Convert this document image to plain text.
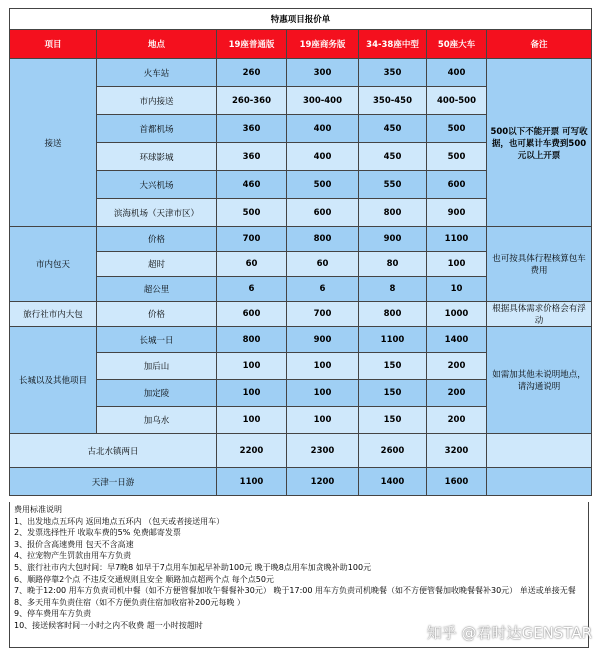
特惠项目报价单						
项目	地点	19座普通版	19座商务版	34-38座中型	50座大车	备注
接送	火车站	260	300	350	400	500以下不能开票 可写收据，也可累计车费到500元以上开票
	市内接送	260-360	300-400	350-450	400-500	
	首都机场	360	400	450	500	
	环球影城	360	400	450	500	
	大兴机场	460	500	550	600	
	滨海机场（天津市区）	500	600	800	900	
市内包天	价格	700	800	900	1100	也可按具体行程核算包车费用
	超时	60	60	80	100	
	超公里	6	6	8	10	
旅行社市内大包	价格	600	700	800	1000	根据具体需求价格会有浮动
长城以及其他项目	长城一日	800	900	1100	1400	如需加其他未说明地点，请沟通说明
	加后山	100	100	150	200	
	加定陵	100	100	150	200	
	加乌水	100	100	150	200	
古北水镇两日		2200	2300	2600	3200	
天津一日游		1100	1200	1400	1600	
费用标准说明
1、出发地点五环内 返回地点五环内 （包天或者接送用车）
2、发票选择性开 收取车费的5% 免费邮寄发票
3、报价含高速费用 包天不含高速
4、拉宠物产生罚款由用车方负责
5、旅行社市内大包时间：早7晚8 如早于7点用车加起早补助100元 晚于晚8点用车加贪晚补助100元
6、顺路停靠2个点 不违反交通规则且安全 顺路加点超两个点 每个点50元
7、晚于12:00 用车方负责司机中餐（如不方便管餐加收午餐餐补30元） 晚于17:00 用车方负责司机晚餐（如不方便管餐加收晚餐餐补30元） 单送或单接无餐
8、多天用车负责住宿（如不方便负责住宿加收宿补200元每晚 ）
9、停车费用车方负责
10、接送候客时间一小时之内不收费 超一小时按超时	知乎 @君时达GENSTAR
